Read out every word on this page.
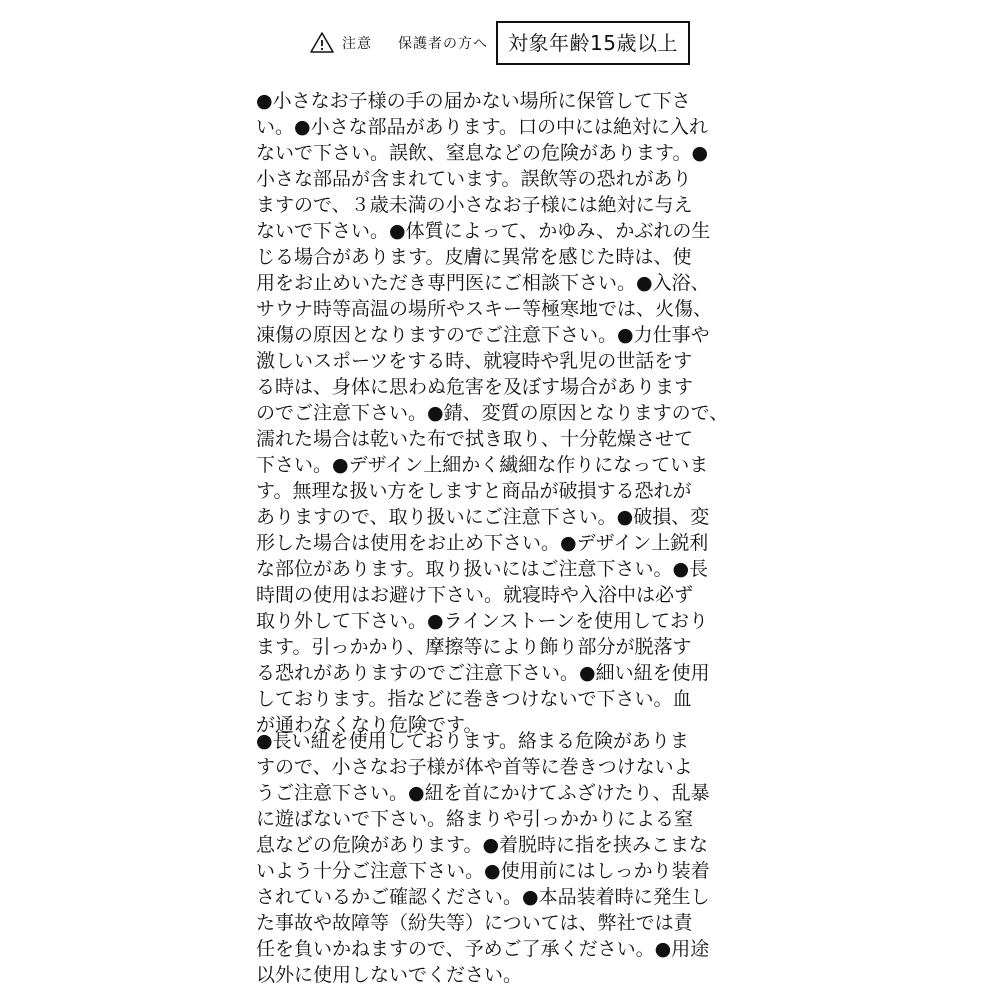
注意 保護者の方へ	対象年齢15歳以上
●小さなお子様の手の届かない場所に保管して下さ
い。●小さな部品があります。口の中には絶対に入れ
ないで下さい。誤飲、窒息などの危険があります。●
小さな部品が含まれています。誤飲等の恐れがあり
ますので、３歳未満の小さなお子様には絶対に与え
ないで下さい。●体質によって、かゆみ、かぶれの生
じる場合があります。皮膚に異常を感じた時は、使
用をお止めいただき専門医にご相談下さい。●入浴、
サウナ時等高温の場所やスキー等極寒地では、火傷、
凍傷の原因となりますのでご注意下さい。●力仕事や
激しいスポーツをする時、就寝時や乳児の世話をす
る時は、身体に思わぬ危害を及ぼす場合があります
のでご注意下さい。●錆、変質の原因となりますので、
濡れた場合は乾いた布で拭き取り、十分乾燥させて
下さい。●デザイン上細かく繊細な作りになっていま
す。無理な扱い方をしますと商品が破損する恐れが
ありますので、取り扱いにご注意下さい。●破損、変
形した場合は使用をお止め下さい。●デザイン上鋭利
な部位があります。取り扱いにはご注意下さい。●長
時間の使用はお避け下さい。就寝時や入浴中は必ず
取り外して下さい。●ラインストーンを使用しており
ます。引っかかり、摩擦等により飾り部分が脱落す
る恐れがありますのでご注意下さい。●細い紐を使用
しております。指などに巻きつけないで下さい。血
が通わなくなり危険です。
●長い紐を使用しております。絡まる危険がありま
すので、小さなお子様が体や首等に巻きつけないよ
うご注意下さい。●紐を首にかけてふざけたり、乱暴
に遊ばないで下さい。絡まりや引っかかりによる窒
息などの危険があります。●着脱時に指を挟みこまな
いよう十分ご注意下さい。●使用前にはしっかり装着
されているかご確認ください。●本品装着時に発生し
た事故や故障等（紛失等）については、弊社では責
任を負いかねますので、予めご了承ください。●用途
以外に使用しないでください。
